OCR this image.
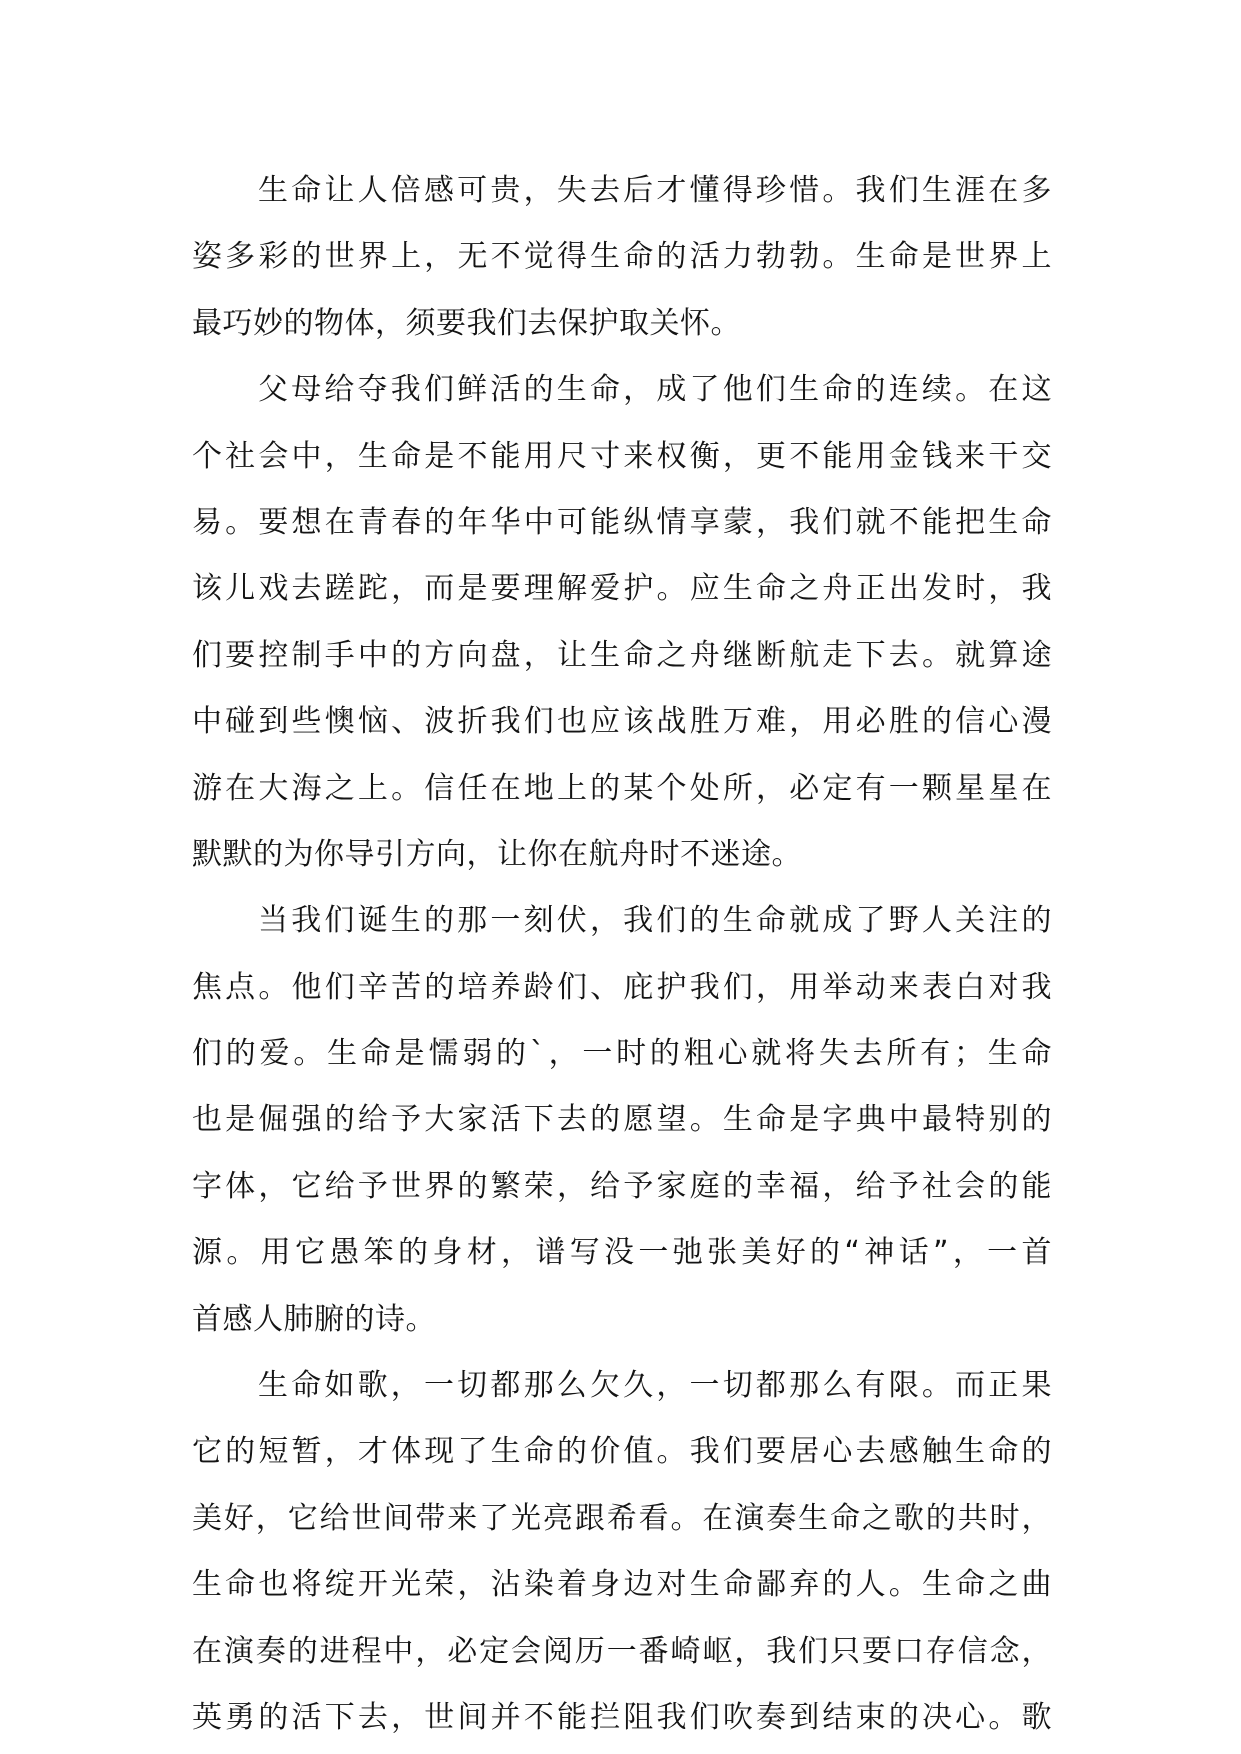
生命让人倍感可贵，失去后才懂得珍惜。我们生涯在多
姿多彩的世界上，无不觉得生命的活力勃勃。生命是世界上
最巧妙的物体，须要我们去保护取关怀。
父母给夺我们鲜活的生命，成了他们生命的连续。在这
个社会中，生命是不能用尺寸来权衡，更不能用金钱来干交
易。要想在青春的年华中可能纵情享蒙，我们就不能把生命
该儿戏去蹉跎，而是要理解爱护。应生命之舟正出发时，我
们要控制手中的方向盘，让生命之舟继断航走下去。就算途
中碰到些懊恼、波折我们也应该战胜万难，用必胜的信心漫
游在大海之上。信任在地上的某个处所，必定有一颗星星在
默默的为你导引方向，让你在航舟时不迷途。
当我们诞生的那一刻伏，我们的生命就成了野人关注的
焦点。他们辛苦的培养龄们、庇护我们，用举动来表白对我
们的爱。生命是懦弱的`，一时的粗心就将失去所有；生命
也是倔强的给予大家活下去的愿望。生命是字典中最特别的
字体，它给予世界的繁荣，给予家庭的幸福，给予社会的能
源。用它愚笨的身材，谱写没一弛张美好的“神话”，一首
首感人肺腑的诗。
生命如歌，一切都那么欠久，一切都那么有限。而正果
它的短暂，才体现了生命的价值。我们要居心去感触生命的
美好，它给世间带来了光亮跟希看。在演奏生命之歌的共时，
生命也将绽开光荣，沾染着身边对生命鄙弃的人。生命之曲
在演奏的进程中，必定会阅历一番崎岖，我们只要口存信念，
英勇的活下去，世间并不能拦阻我们吹奏到结束的决心。歌
